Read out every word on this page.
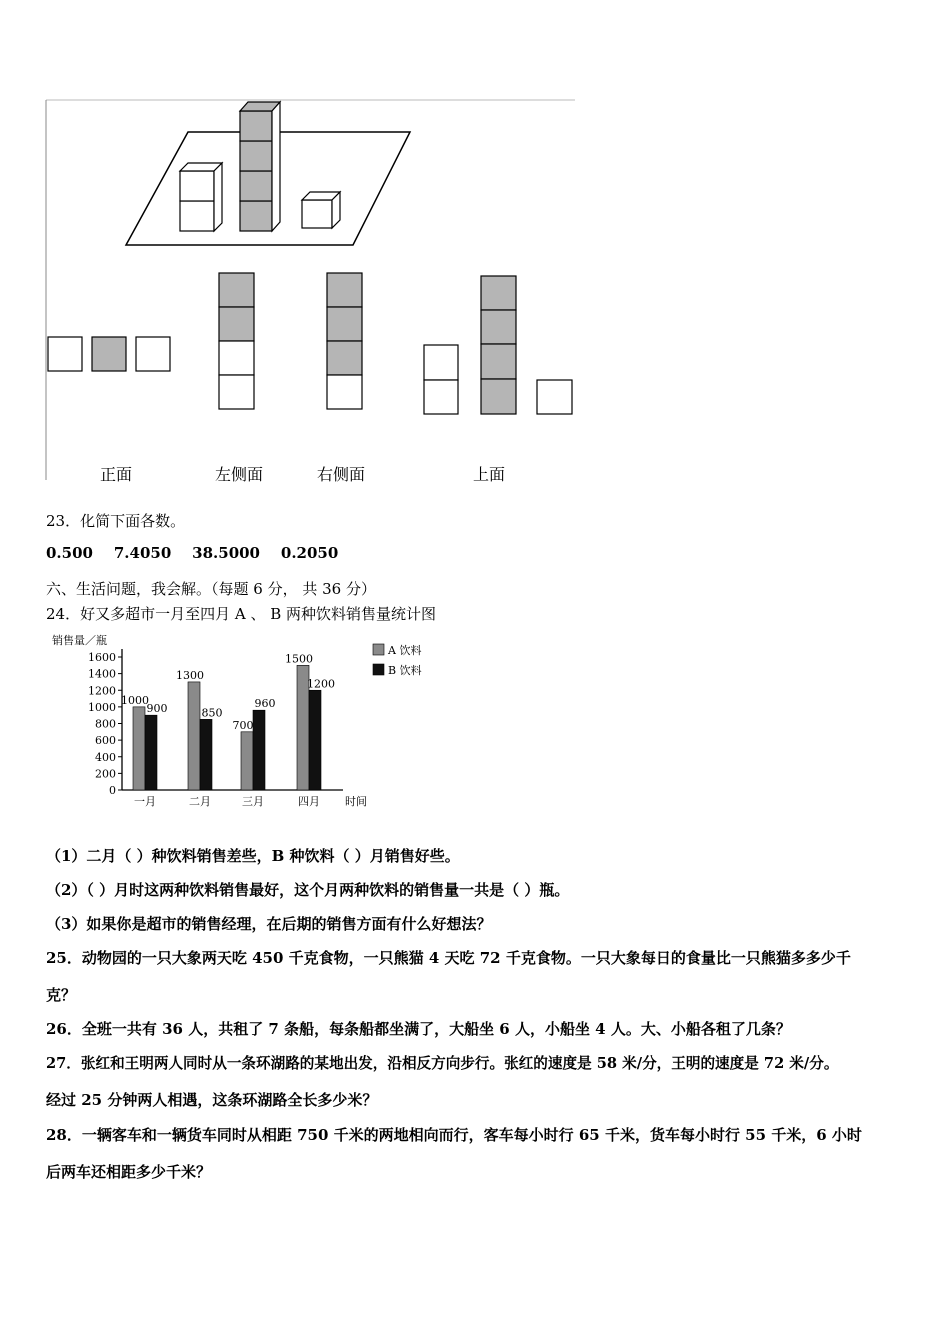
正面	左侧面	右侧面	上面
23．化简下面各数。
0.500    7.4050    38.5000    0.2050
六、生活问题，我会解。（每题 6 分， 共 36 分）
24．好又多超市一月至四月 A 、 B 两种饮料销售量统计图
销售量／瓶
时间
0
200
400
600
800
1000
1200
1400
1600
1000
900
一月
1300
850
二月
700
960
三月
1500
1200
四月
A 饮料
B 饮料
（1）二月（ ）种饮料销售差些，B 种饮料（ ）月销售好些。
（2）（ ）月时这两种饮料销售最好，这个月两种饮料的销售量一共是（ ）瓶。
（3）如果你是超市的销售经理，在后期的销售方面有什么好想法？
25．动物园的一只大象两天吃 450 千克食物，一只熊猫 4 天吃 72 千克食物。一只大象每日的食量比一只熊猫多多少千
克？
26．全班一共有 36 人，共租了 7 条船，每条船都坐满了，大船坐 6 人，小船坐 4 人。大、小船各租了几条？
27．张红和王明两人同时从一条环湖路的某地出发，沿相反方向步行。张红的速度是 58 米/分，王明的速度是 72 米/分。
经过 25 分钟两人相遇，这条环湖路全长多少米？
28．一辆客车和一辆货车同时从相距 750 千米的两地相向而行，客车每小时行 65 千米，货车每小时行 55 千米，6 小时
后两车还相距多少千米？
